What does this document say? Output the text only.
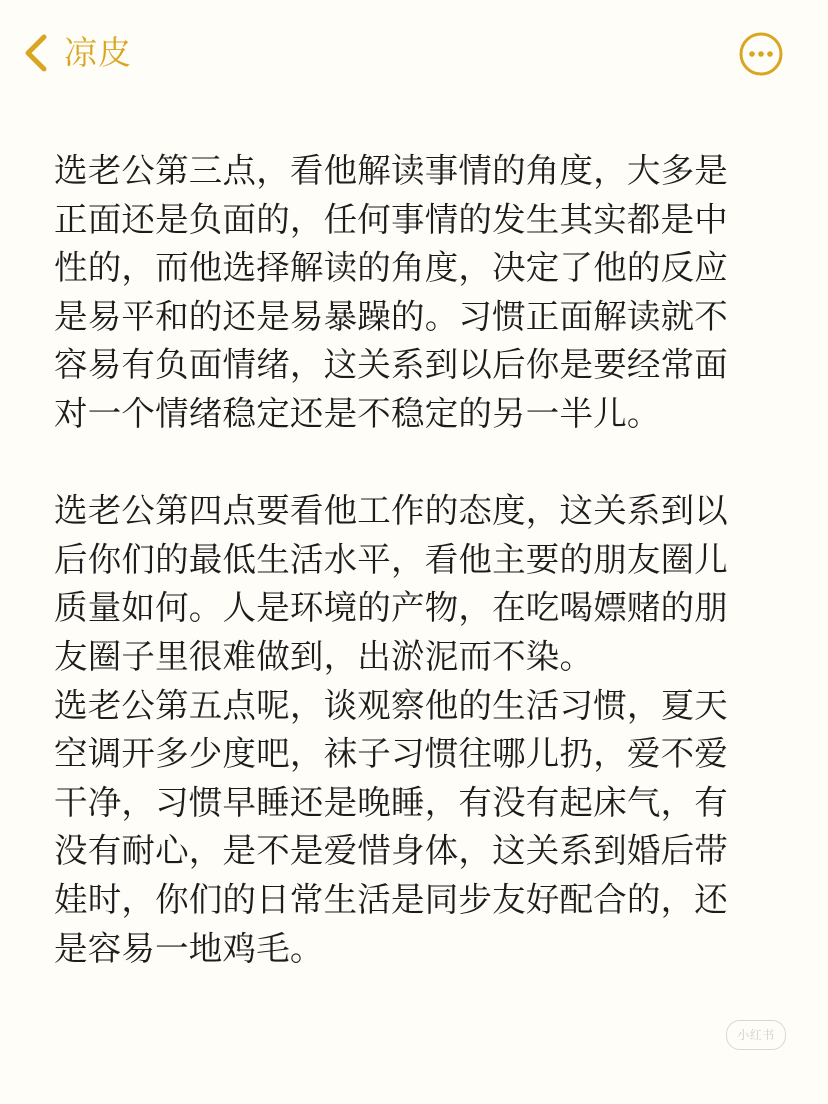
凉皮

选老公第三点，看他解读事情的角度，大多是
正面还是负面的，任何事情的发生其实都是中
性的，而他选择解读的角度，决定了他的反应
是易平和的还是易暴躁的。习惯正面解读就不
容易有负面情绪，这关系到以后你是要经常面
对一个情绪稳定还是不稳定的另一半儿。

选老公第四点要看他工作的态度，这关系到以
后你们的最低生活水平，看他主要的朋友圈儿
质量如何。人是环境的产物，在吃喝嫖赌的朋
友圈子里很难做到，出淤泥而不染。

选老公第五点呢，谈观察他的生活习惯，夏天
空调开多少度吧，袜子习惯往哪儿扔，爱不爱
干净，习惯早睡还是晚睡，有没有起床气，有
没有耐心，是不是爱惜身体，这关系到婚后带
娃时，你们的日常生活是同步友好配合的，还
是容易一地鸡毛。

小红书
